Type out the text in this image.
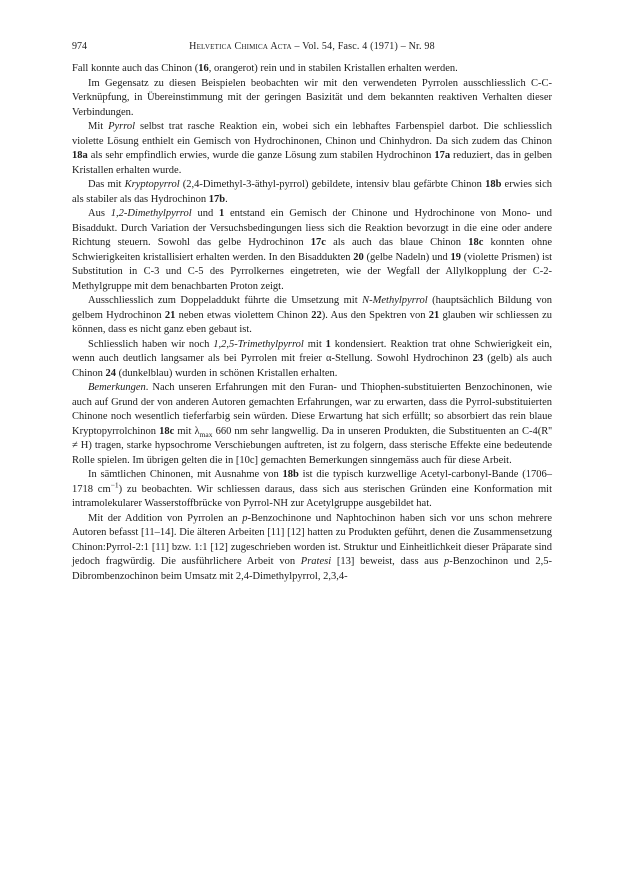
974	Helvetica Chimica Acta – Vol. 54, Fasc. 4 (1971) – Nr. 98

Fall konnte auch das Chinon (16, orangerot) rein und in stabilen Kristallen erhalten werden.

Im Gegensatz zu diesen Beispielen beobachten wir mit den verwendeten Pyrrolen ausschliesslich C-C-Verknüpfung, in Übereinstimmung mit der geringen Basizität und dem bekannten reaktiven Verhalten dieser Verbindungen.

Mit Pyrrol selbst trat rasche Reaktion ein, wobei sich ein lebhaftes Farbenspiel darbot. Die schliesslich violette Lösung enthielt ein Gemisch von Hydrochinonen, Chinon und Chinhydron. Da sich zudem das Chinon 18a als sehr empfindlich erwies, wurde die ganze Lösung zum stabilen Hydrochinon 17a reduziert, das in gelben Kristallen erhalten wurde.

Das mit Kryptopyrrol (2,4-Dimethyl-3-äthyl-pyrrol) gebildete, intensiv blau gefärbte Chinon 18b erwies sich als stabiler als das Hydrochinon 17b.

Aus 1,2-Dimethylpyrrol und 1 entstand ein Gemisch der Chinone und Hydrochinone von Mono- und Bisaddukt. Durch Variation der Versuchsbedingungen liess sich die Reaktion bevorzugt in die eine oder andere Richtung steuern. Sowohl das gelbe Hydrochinon 17c als auch das blaue Chinon 18c konnten ohne Schwierigkeiten kristallisiert erhalten werden. In den Bisaddukten 20 (gelbe Nadeln) und 19 (violette Prismen) ist Substitution in C-3 und C-5 des Pyrrolkernes eingetreten, wie der Wegfall der Allylkopplung der C-2-Methylgruppe mit dem benachbarten Proton zeigt.

Ausschliesslich zum Doppeladdukt führte die Umsetzung mit N-Methylpyrrol (hauptsächlich Bildung von gelbem Hydrochinon 21 neben etwas violettem Chinon 22). Aus den Spektren von 21 glauben wir schliessen zu können, dass es nicht ganz eben gebaut ist.

Schliesslich haben wir noch 1,2,5-Trimethylpyrrol mit 1 kondensiert. Reaktion trat ohne Schwierigkeit ein, wenn auch deutlich langsamer als bei Pyrrolen mit freier α-Stellung. Sowohl Hydrochinon 23 (gelb) als auch Chinon 24 (dunkelblau) wurden in schönen Kristallen erhalten.

Bemerkungen. Nach unseren Erfahrungen mit den Furan- und Thiophen-substituierten Benzochinonen, wie auch auf Grund der von anderen Autoren gemachten Erfahrungen, war zu erwarten, dass die Pyrrol-substituierten Chinone noch wesentlich tieferfarbig sein würden. Diese Erwartung hat sich erfüllt; so absorbiert das rein blaue Kryptopyrrolchinon 18c mit $\lambda_{max}$ 660 nm sehr langwellig. Da in unseren Produkten, die Substituenten an C-4(R'' ≠ H) tragen, starke hypsochrome Verschiebungen auftreten, ist zu folgern, dass sterische Effekte eine bedeutende Rolle spielen. Im übrigen gelten die in [10c] gemachten Bemerkungen sinngemäss auch für diese Arbeit.

In sämtlichen Chinonen, mit Ausnahme von 18b ist die typisch kurzwellige Acetyl-carbonyl-Bande (1706–1718 $cm^{-1}$) zu beobachten. Wir schliessen daraus, dass sich aus sterischen Gründen eine Konformation mit intramolekularer Wasserstoffbrücke von Pyrrol-NH zur Acetylgruppe ausgebildet hat.

Mit der Addition von Pyrrolen an p-Benzochinone und Naphtochinon haben sich vor uns schon mehrere Autoren befasst [11–14]. Die älteren Arbeiten [11] [12] hatten zu Produkten geführt, denen die Zusammensetzung Chinon:Pyrrol-2:1 [11] bzw. 1:1 [12] zugeschrieben worden ist. Struktur und Einheitlichkeit dieser Präparate sind jedoch fragwürdig. Die ausführlichere Arbeit von Pratesi [13] beweist, dass aus p-Benzochinon und 2,5-Dibrombenzochinon beim Umsatz mit 2,4-Dimethylpyrrol, 2,3,4-
